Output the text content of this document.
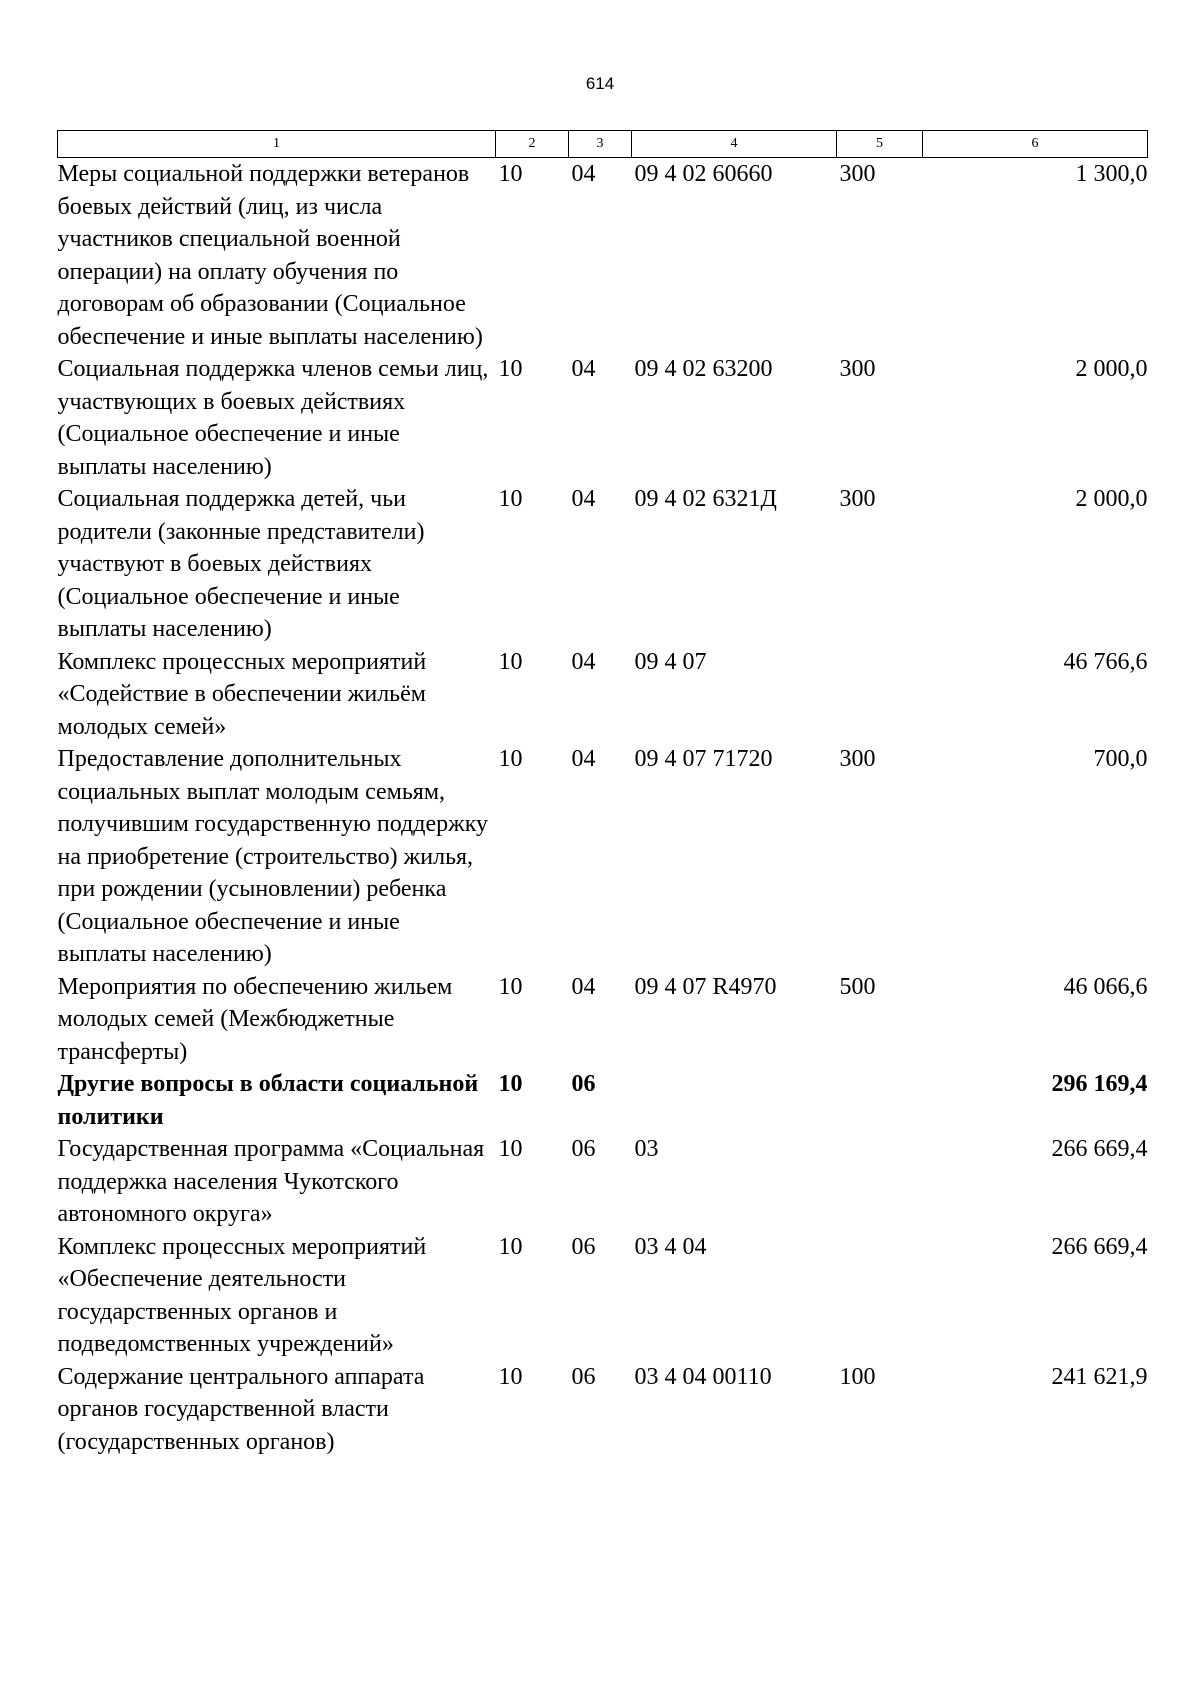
614
1	2	3	4	5	6
Меры социальной поддержки ветеранов боевых действий (лиц, из числа участников специальной военной операции) на оплату обучения по договорам об образовании (Социальное обеспечение и иные выплаты населению)	10	04	09 4 02 60660	300	1 300,0
Социальная поддержка членов семьи лиц, участвующих в боевых действиях (Социальное обеспечение и иные выплаты населению)	10	04	09 4 02 63200	300	2 000,0
Социальная поддержка детей, чьи родители (законные представители) участвуют в боевых действиях (Социальное обеспечение и иные выплаты населению)	10	04	09 4 02 6321Д	300	2 000,0
Комплекс процессных мероприятий «Содействие в обеспечении жильём молодых семей»	10	04	09 4 07		46 766,6
Предоставление дополнительных социальных выплат молодым семьям, получившим государственную поддержку на приобретение (строительство) жилья, при рождении (усыновлении) ребенка (Социальное обеспечение и иные выплаты населению)	10	04	09 4 07 71720	300	700,0
Мероприятия по обеспечению жильем молодых семей (Межбюджетные трансферты)	10	04	09 4 07 R4970	500	46 066,6
Другие вопросы в области социальной политики	10	06			296 169,4
Государственная программа «Социальная поддержка населения Чукотского автономного округа»	10	06	03		266 669,4
Комплекс процессных мероприятий «Обеспечение деятельности государственных органов и подведомственных учреждений»	10	06	03 4 04		266 669,4
Содержание центрального аппарата органов государственной власти (государственных органов)	10	06	03 4 04 00110	100	241 621,9
